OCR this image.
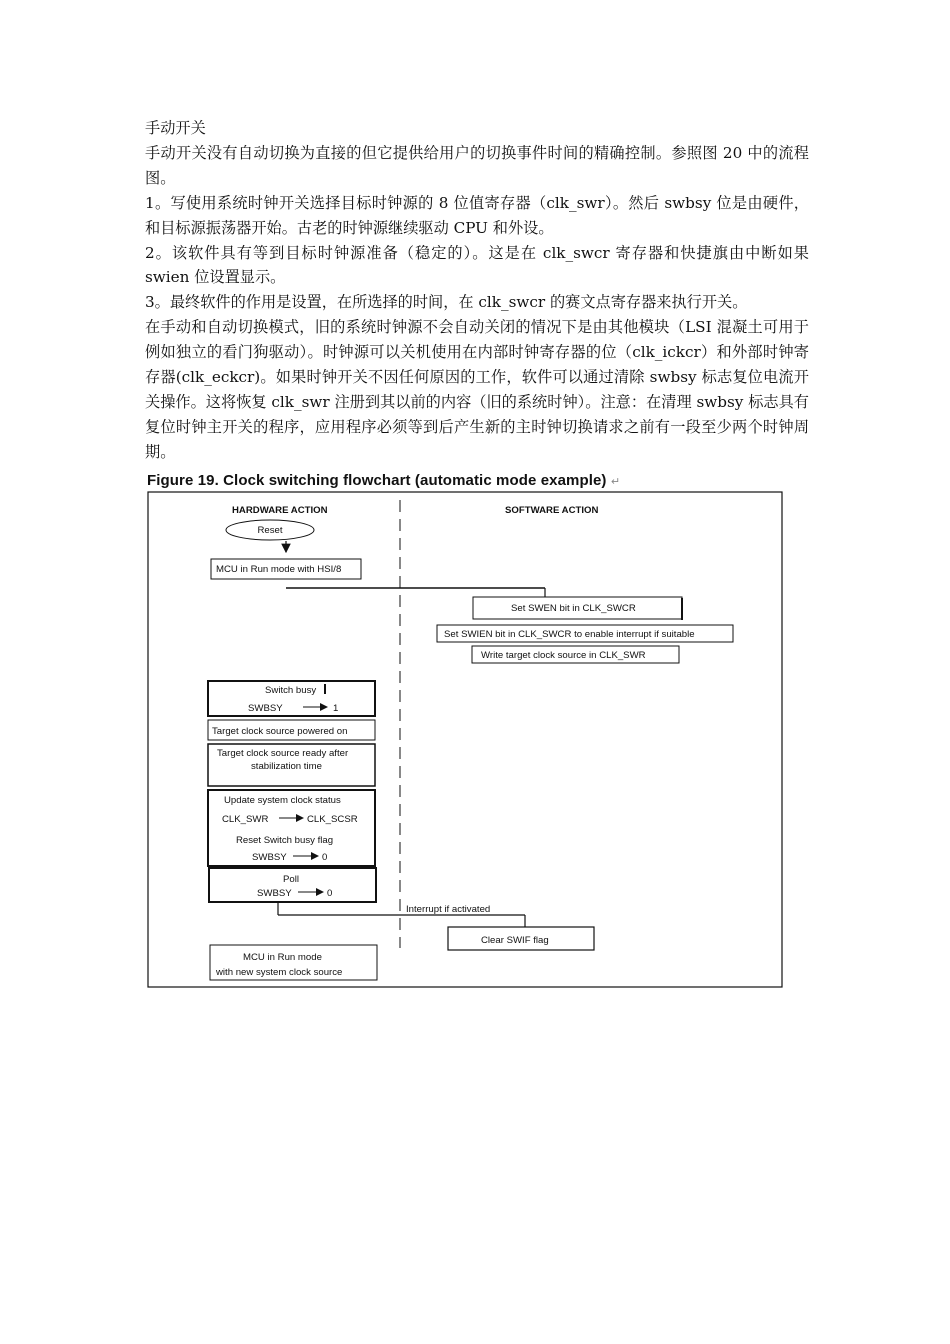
手动开关

手动开关没有自动切换为直接的但它提供给用户的切换事件时间的精确控制。参照图 20 中的流程图。

1。写使用系统时钟开关选择目标时钟源的 8 位值寄存器（clk_swr）。然后 swbsy 位是由硬件，和目标源振荡器开始。古老的时钟源继续驱动 CPU 和外设。

2。该软件具有等到目标时钟源准备（稳定的）。这是在 clk_swcr 寄存器和快捷旗由中断如果 swien 位设置显示。

3。最终软件的作用是设置，在所选择的时间，在 clk_swcr 的赛文点寄存器来执行开关。

在手动和自动切换模式，旧的系统时钟源不会自动关闭的情况下是由其他模块（LSI 混凝土可用于例如独立的看门狗驱动）。时钟源可以关机使用在内部时钟寄存器的位（clk_ickcr）和外部时钟寄存器(clk_eckcr)。如果时钟开关不因任何原因的工作，软件可以通过清除 swbsy 标志复位电流开关操作。这将恢复 clk_swr 注册到其以前的内容（旧的系统时钟）。注意：在清理 swbsy 标志具有复位时钟主开关的程序，应用程序必须等到后产生新的主时钟切换请求之前有一段至少两个时钟周期。

Figure 19. Clock switching flowchart (automatic mode example) ↵
HARDWARE ACTION	SOFTWARE ACTION
Reset
MCU in Run mode with HSI/8
Set SWEN bit in CLK_SWCR
Set SWIEN bit in CLK_SWCR to enable interrupt if suitable
Write target clock source in CLK_SWR
Switch busy
SWBSY	1
Target clock source powered on
Target clock source ready after
stabilization time
Update system clock status
CLK_SWR	CLK_SCSR
Reset Switch busy flag
SWBSY	0
Poll
SWBSY	0
Interrupt if activated
Clear SWIF flag
MCU in Run mode
with new system clock source
